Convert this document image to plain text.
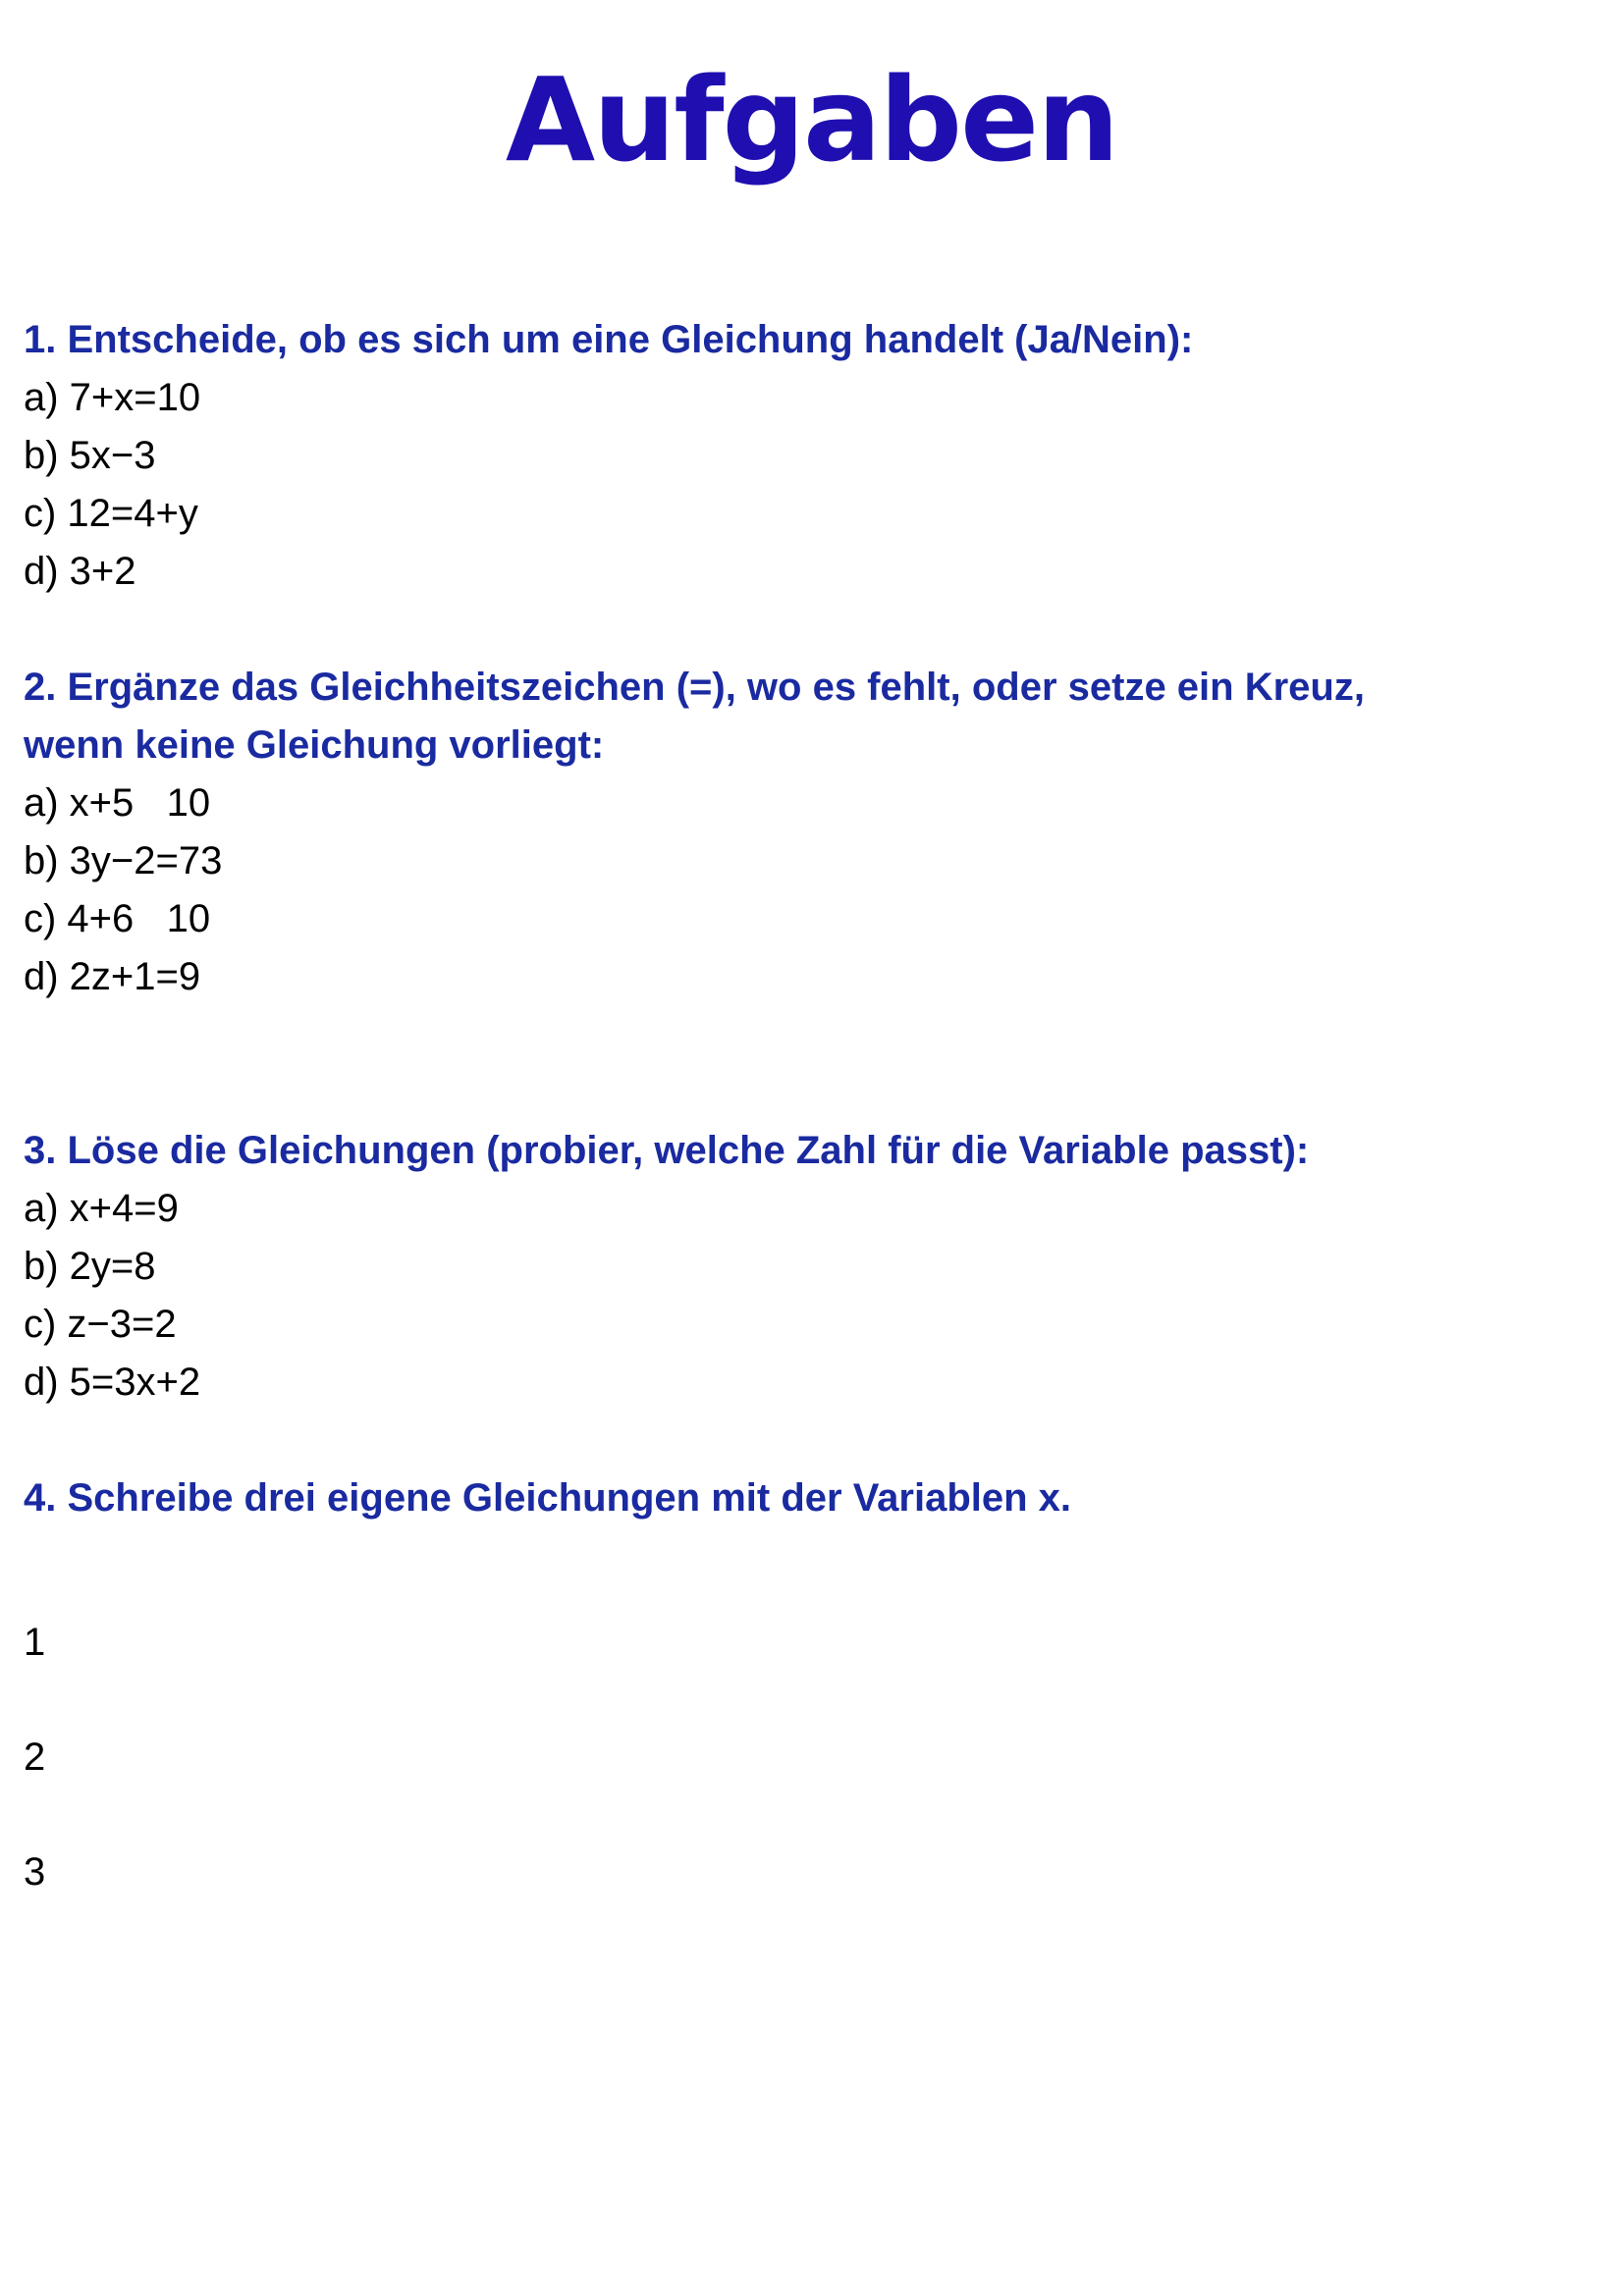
Aufgaben

1. Entscheide, ob es sich um eine Gleichung handelt (Ja/Nein):

a) 7+x=10

b) 5x−3

c) 12=4+y

d) 3+2

2. Ergänze das Gleichheitszeichen (=), wo es fehlt, oder setze ein Kreuz,

wenn keine Gleichung vorliegt:

a) x+5   10

b) 3y−2=73

c) 4+6   10

d) 2z+1=9

3. Löse die Gleichungen (probier, welche Zahl für die Variable passt):

a) x+4=9

b) 2y=8

c) z−3=2

d) 5=3x+2

4. Schreibe drei eigene Gleichungen mit der Variablen x.

1

2

3
